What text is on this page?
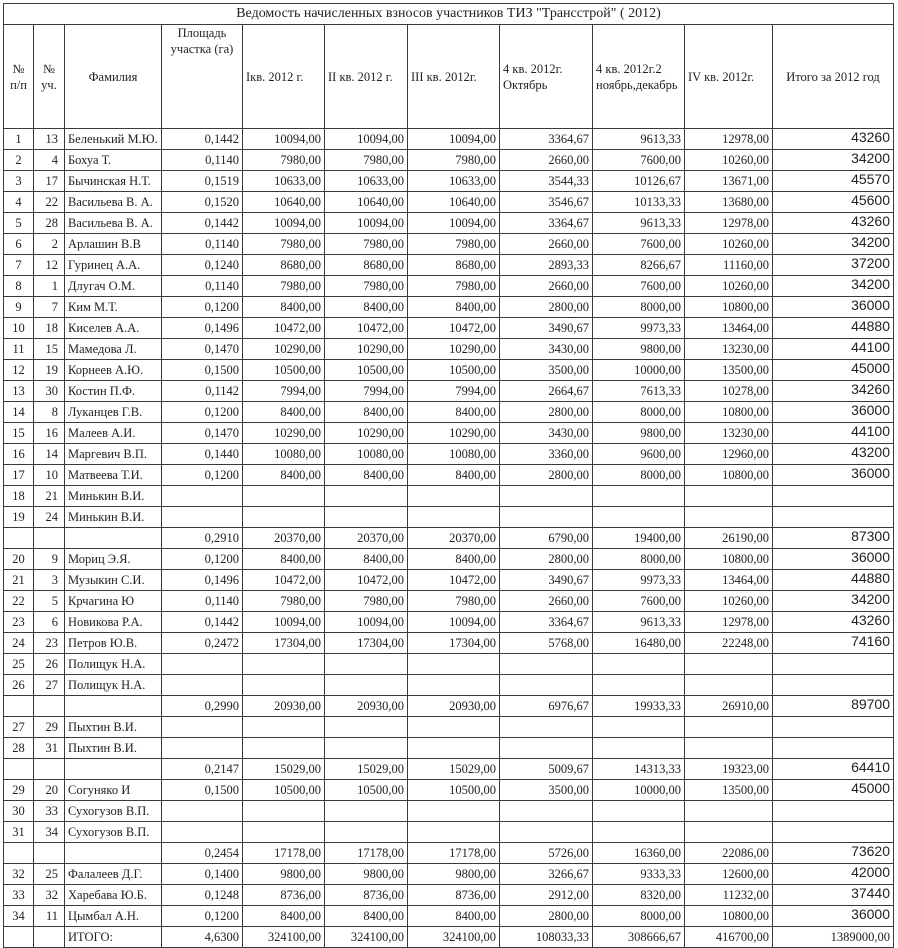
Ведомость начисленных взносов участников ТИЗ "Трансстрой" ( 2012)										
№ п/п	№ уч.	Фамилия	Площадь участка (га)	Iкв. 2012 г.	II кв. 2012 г.	III кв. 2012г.	4 кв. 2012г. Октябрь	4 кв. 2012г.2 ноябрь,декабрь	IV кв. 2012г.	Итого за 2012 год
1	13	Беленький М.Ю.	0,1442	10094,00	10094,00	10094,00	3364,67	9613,33	12978,00	43260
2	4	Бохуа Т.	0,1140	7980,00	7980,00	7980,00	2660,00	7600,00	10260,00	34200
3	17	Бычинская Н.Т.	0,1519	10633,00	10633,00	10633,00	3544,33	10126,67	13671,00	45570
4	22	Васильева В. А.	0,1520	10640,00	10640,00	10640,00	3546,67	10133,33	13680,00	45600
5	28	Васильева В. А.	0,1442	10094,00	10094,00	10094,00	3364,67	9613,33	12978,00	43260
6	2	Арлашин В.В	0,1140	7980,00	7980,00	7980,00	2660,00	7600,00	10260,00	34200
7	12	Гуринец А.А.	0,1240	8680,00	8680,00	8680,00	2893,33	8266,67	11160,00	37200
8	1	Длугач О.М.	0,1140	7980,00	7980,00	7980,00	2660,00	7600,00	10260,00	34200
9	7	Ким М.Т.	0,1200	8400,00	8400,00	8400,00	2800,00	8000,00	10800,00	36000
10	18	Киселев А.А.	0,1496	10472,00	10472,00	10472,00	3490,67	9973,33	13464,00	44880
11	15	Мамедова Л.	0,1470	10290,00	10290,00	10290,00	3430,00	9800,00	13230,00	44100
12	19	Корнеев А.Ю.	0,1500	10500,00	10500,00	10500,00	3500,00	10000,00	13500,00	45000
13	30	Костин П.Ф.	0,1142	7994,00	7994,00	7994,00	2664,67	7613,33	10278,00	34260
14	8	Луканцев Г.В.	0,1200	8400,00	8400,00	8400,00	2800,00	8000,00	10800,00	36000
15	16	Малеев А.И.	0,1470	10290,00	10290,00	10290,00	3430,00	9800,00	13230,00	44100
16	14	Маргевич В.П.	0,1440	10080,00	10080,00	10080,00	3360,00	9600,00	12960,00	43200
17	10	Матвеева Т.И.	0,1200	8400,00	8400,00	8400,00	2800,00	8000,00	10800,00	36000
18	21	Минькин В.И.								
19	24	Минькин В.И.								
			0,2910	20370,00	20370,00	20370,00	6790,00	19400,00	26190,00	87300
20	9	Мориц Э.Я.	0,1200	8400,00	8400,00	8400,00	2800,00	8000,00	10800,00	36000
21	3	Музыкин С.И.	0,1496	10472,00	10472,00	10472,00	3490,67	9973,33	13464,00	44880
22	5	Крчагина Ю	0,1140	7980,00	7980,00	7980,00	2660,00	7600,00	10260,00	34200
23	6	Новикова Р.А.	0,1442	10094,00	10094,00	10094,00	3364,67	9613,33	12978,00	43260
24	23	Петров Ю.В.	0,2472	17304,00	17304,00	17304,00	5768,00	16480,00	22248,00	74160
25	26	Полищук Н.А.								
26	27	Полищук Н.А.								
			0,2990	20930,00	20930,00	20930,00	6976,67	19933,33	26910,00	89700
27	29	Пыхтин В.И.								
28	31	Пыхтин В.И.								
			0,2147	15029,00	15029,00	15029,00	5009,67	14313,33	19323,00	64410
29	20	Согуняко И	0,1500	10500,00	10500,00	10500,00	3500,00	10000,00	13500,00	45000
30	33	Сухогузов В.П.								
31	34	Сухогузов В.П.								
			0,2454	17178,00	17178,00	17178,00	5726,00	16360,00	22086,00	73620
32	25	Фалалеев Д.Г.	0,1400	9800,00	9800,00	9800,00	3266,67	9333,33	12600,00	42000
33	32	Харебава Ю.Б.	0,1248	8736,00	8736,00	8736,00	2912,00	8320,00	11232,00	37440
34	11	Цымбал А.Н.	0,1200	8400,00	8400,00	8400,00	2800,00	8000,00	10800,00	36000
		ИТОГО:	4,6300	324100,00	324100,00	324100,00	108033,33	308666,67	416700,00	1389000,00
